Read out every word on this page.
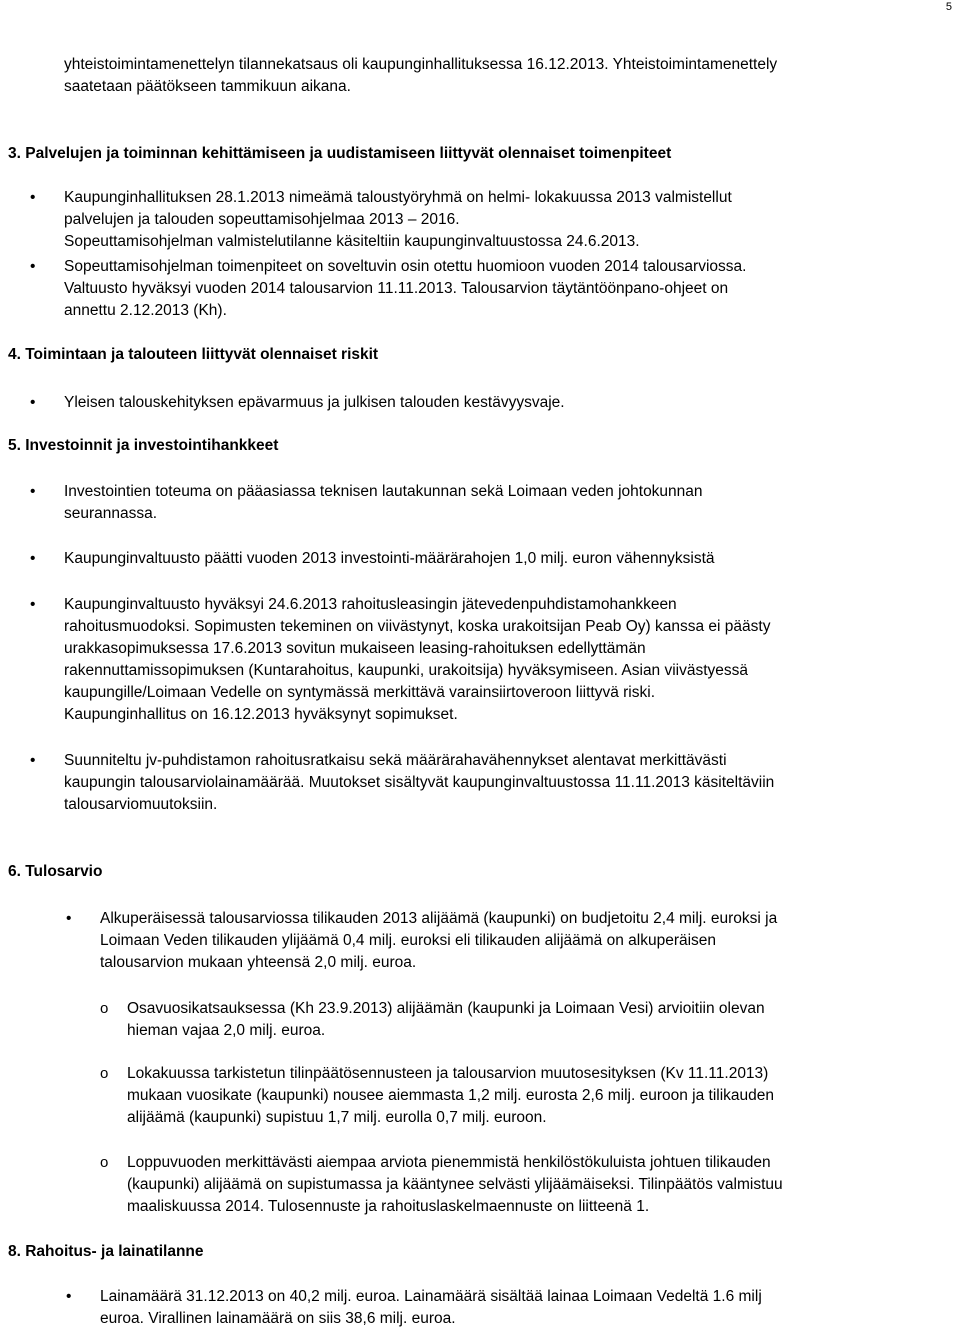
5
yhteistoimintamenettelyn tilannekatsaus oli kaupunginhallituksessa 16.12.2013. Yhteistoimintamenettely
saatetaan päätökseen tammikuun aikana.
3. Palvelujen ja toiminnan kehittämiseen ja uudistamiseen liittyvät olennaiset toimenpiteet
• Kaupunginhallituksen 28.1.2013 nimeämä taloustyöryhmä on helmi- lokakuussa 2013 valmistellut
palvelujen ja talouden sopeuttamisohjelmaa 2013 – 2016.
Sopeuttamisohjelman valmistelutilanne käsiteltiin kaupunginvaltuustossa 24.6.2013.
• Sopeuttamisohjelman toimenpiteet on soveltuvin osin otettu huomioon vuoden 2014 talousarviossa.
Valtuusto hyväksyi vuoden 2014 talousarvion 11.11.2013. Talousarvion täytäntöönpano-ohjeet on
annettu 2.12.2013 (Kh).
4. Toimintaan ja talouteen liittyvät olennaiset riskit
• Yleisen talouskehityksen epävarmuus ja julkisen talouden kestävyysvaje.
5. Investoinnit ja investointihankkeet
• Investointien toteuma on pääasiassa teknisen lautakunnan sekä Loimaan veden johtokunnan
seurannassa.
• Kaupunginvaltuusto päätti vuoden 2013 investointi-määrärahojen 1,0 milj. euron vähennyksistä
• Kaupunginvaltuusto hyväksyi 24.6.2013 rahoitusleasingin jätevedenpuhdistamohankkeen
rahoitusmuodoksi. Sopimusten tekeminen on viivästynyt, koska urakoitsijan Peab Oy) kanssa ei päästy
urakkasopimuksessa 17.6.2013 sovitun mukaiseen leasing-rahoituksen edellyttämän
rakennuttamissopimuksen (Kuntarahoitus, kaupunki, urakoitsija) hyväksymiseen. Asian viivästyessä
kaupungille/Loimaan Vedelle on syntymässä merkittävä varainsiirtoveroon liittyvä riski.
Kaupunginhallitus on 16.12.2013 hyväksynyt sopimukset.
• Suunniteltu jv-puhdistamon rahoitusratkaisu sekä määrärahavähennykset alentavat merkittävästi
kaupungin talousarviolainamäärää. Muutokset sisältyvät kaupunginvaltuustossa 11.11.2013 käsiteltäviin
talousarviomuutoksiin.
6. Tulosarvio
• Alkuperäisessä talousarviossa tilikauden 2013 alijäämä (kaupunki) on budjetoitu 2,4 milj. euroksi ja
Loimaan Veden tilikauden ylijäämä 0,4 milj. euroksi eli tilikauden alijäämä on alkuperäisen
talousarvion mukaan yhteensä 2,0 milj. euroa.
o Osavuosikatsauksessa (Kh 23.9.2013) alijäämän (kaupunki ja Loimaan Vesi) arvioitiin olevan
hieman vajaa 2,0 milj. euroa.
o Lokakuussa tarkistetun tilinpäätösennusteen ja talousarvion muutosesityksen (Kv 11.11.2013)
mukaan vuosikate (kaupunki) nousee aiemmasta 1,2 milj. eurosta 2,6 milj. euroon ja tilikauden
alijäämä (kaupunki) supistuu 1,7 milj. eurolla 0,7 milj. euroon.
o Loppuvuoden merkittävästi aiempaa arviota pienemmistä henkilöstökuluista johtuen tilikauden
(kaupunki) alijäämä on supistumassa ja kääntynee selvästi ylijäämäiseksi. Tilinpäätös valmistuu
maaliskuussa 2014. Tulosennuste ja rahoituslaskelmaennuste on liitteenä 1.
8. Rahoitus- ja lainatilanne
• Lainamäärä 31.12.2013 on 40,2 milj. euroa. Lainamäärä sisältää lainaa Loimaan Vedeltä 1.6 milj
euroa. Virallinen lainamäärä on siis 38,6 milj. euroa.
